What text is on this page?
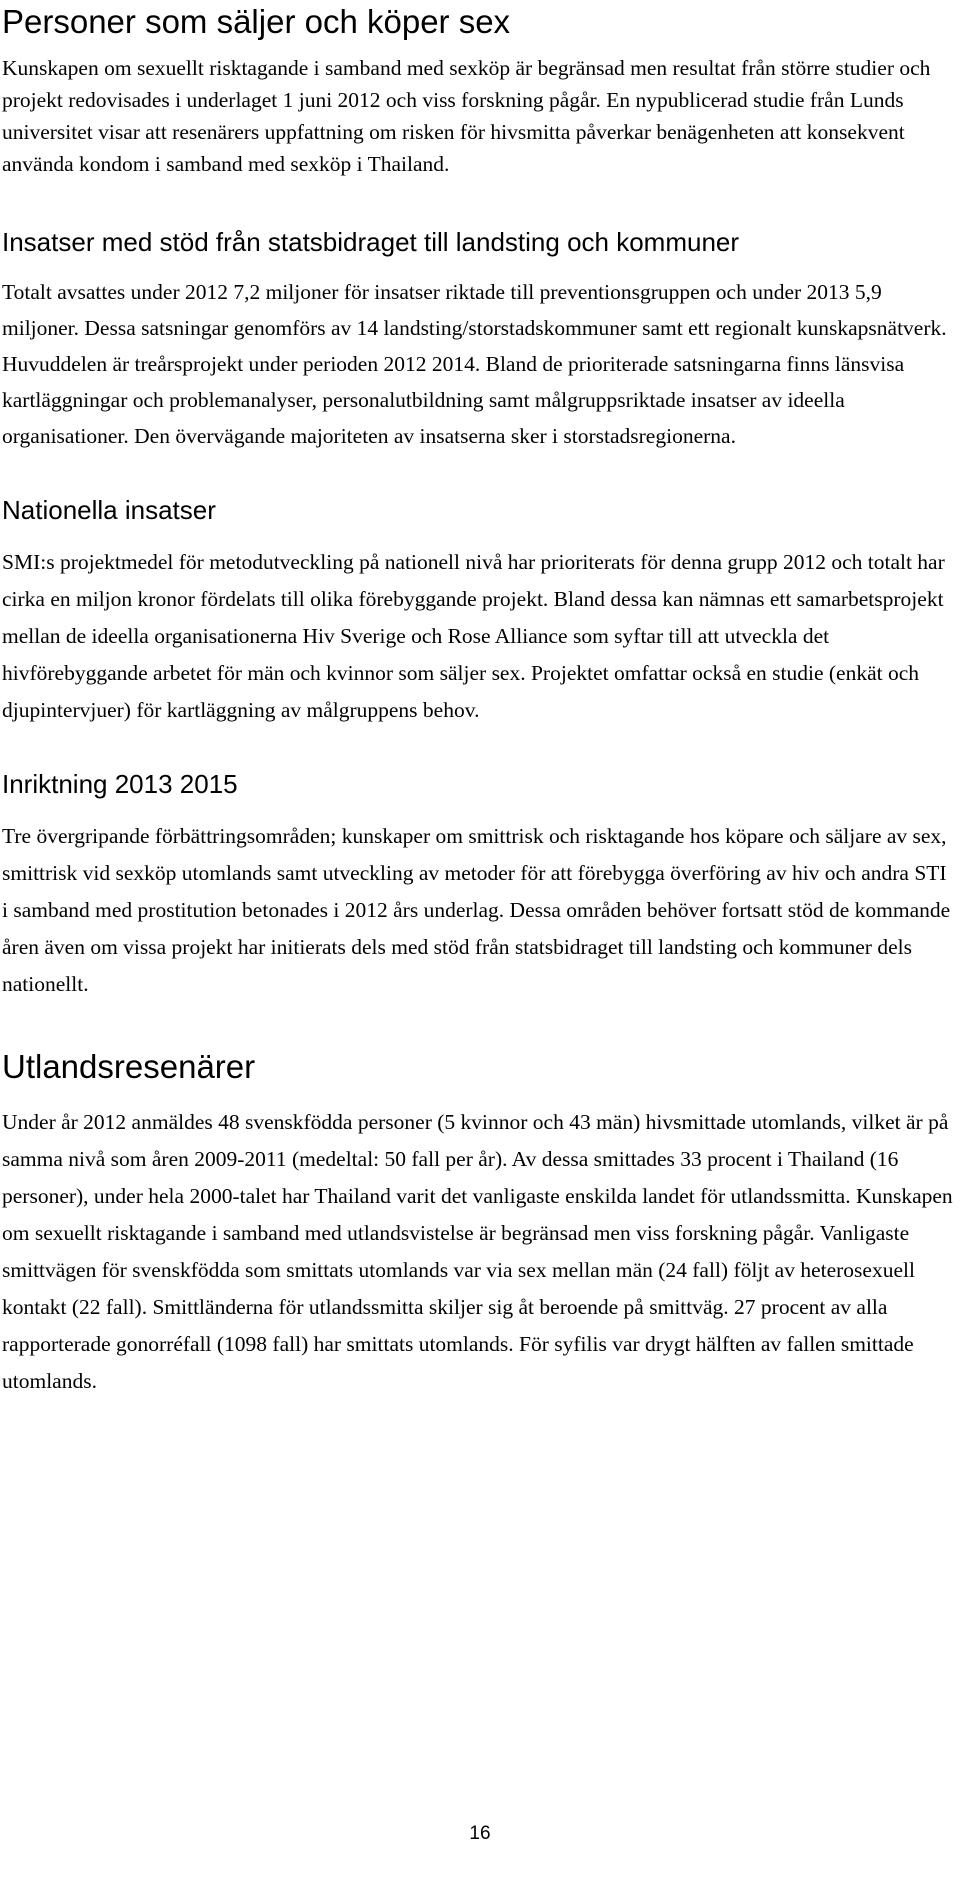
Personer som säljer och köper sex

Kunskapen om sexuellt risktagande i samband med sexköp är begränsad men resultat från större studier och projekt redovisades i underlaget 1 juni 2012 och viss forskning pågår. En nypublicerad studie från Lunds universitet visar att resenärers uppfattning om risken för hivsmitta påverkar benägenheten att konsekvent använda kondom i samband med sexköp i Thailand.

Insatser med stöd från statsbidraget till landsting och kommuner

Totalt avsattes under 2012 7,2 miljoner för insatser riktade till preventionsgruppen och under 2013 5,9 miljoner. Dessa satsningar genomförs av 14 landsting/storstadskommuner samt ett regionalt kunskapsnätverk. Huvuddelen är treårsprojekt under perioden 2012 2014. Bland de prioriterade satsningarna finns länsvisa kartläggningar och problemanalyser, personalutbildning samt målgruppsriktade insatser av ideella organisationer. Den övervägande majoriteten av insatserna sker i storstadsregionerna.

Nationella insatser

SMI:s projektmedel för metodutveckling på nationell nivå har prioriterats för denna grupp 2012 och totalt har cirka en miljon kronor fördelats till olika förebyggande projekt. Bland dessa kan nämnas ett samarbetsprojekt mellan de ideella organisationerna Hiv Sverige och Rose Alliance som syftar till att utveckla det hivförebyggande arbetet för män och kvinnor som säljer sex. Projektet omfattar också en studie (enkät och djupintervjuer) för kartläggning av målgruppens behov.

Inriktning 2013 2015

Tre övergripande förbättringsområden; kunskaper om smittrisk och risktagande hos köpare och säljare av sex, smittrisk vid sexköp utomlands samt utveckling av metoder för att förebygga överföring av hiv och andra STI i samband med prostitution betonades i 2012 års underlag. Dessa områden behöver fortsatt stöd de kommande åren även om vissa projekt har initierats dels med stöd från statsbidraget till landsting och kommuner dels nationellt.

Utlandsresenärer

Under år 2012 anmäldes 48 svenskfödda personer (5 kvinnor och 43 män) hivsmittade utomlands, vilket är på samma nivå som åren 2009-2011 (medeltal: 50 fall per år). Av dessa smittades 33 procent i Thailand (16 personer), under hela 2000-talet har Thailand varit det vanligaste enskilda landet för utlandssmitta. Kunskapen om sexuellt risktagande i samband med utlandsvistelse är begränsad men viss forskning pågår. Vanligaste smittvägen för svenskfödda som smittats utomlands var via sex mellan män (24 fall) följt av heterosexuell kontakt (22 fall). Smittländerna för utlandssmitta skiljer sig åt beroende på smittväg. 27 procent av alla rapporterade gonorréfall (1098 fall) har smittats utomlands. För syfilis var drygt hälften av fallen smittade utomlands.

16
